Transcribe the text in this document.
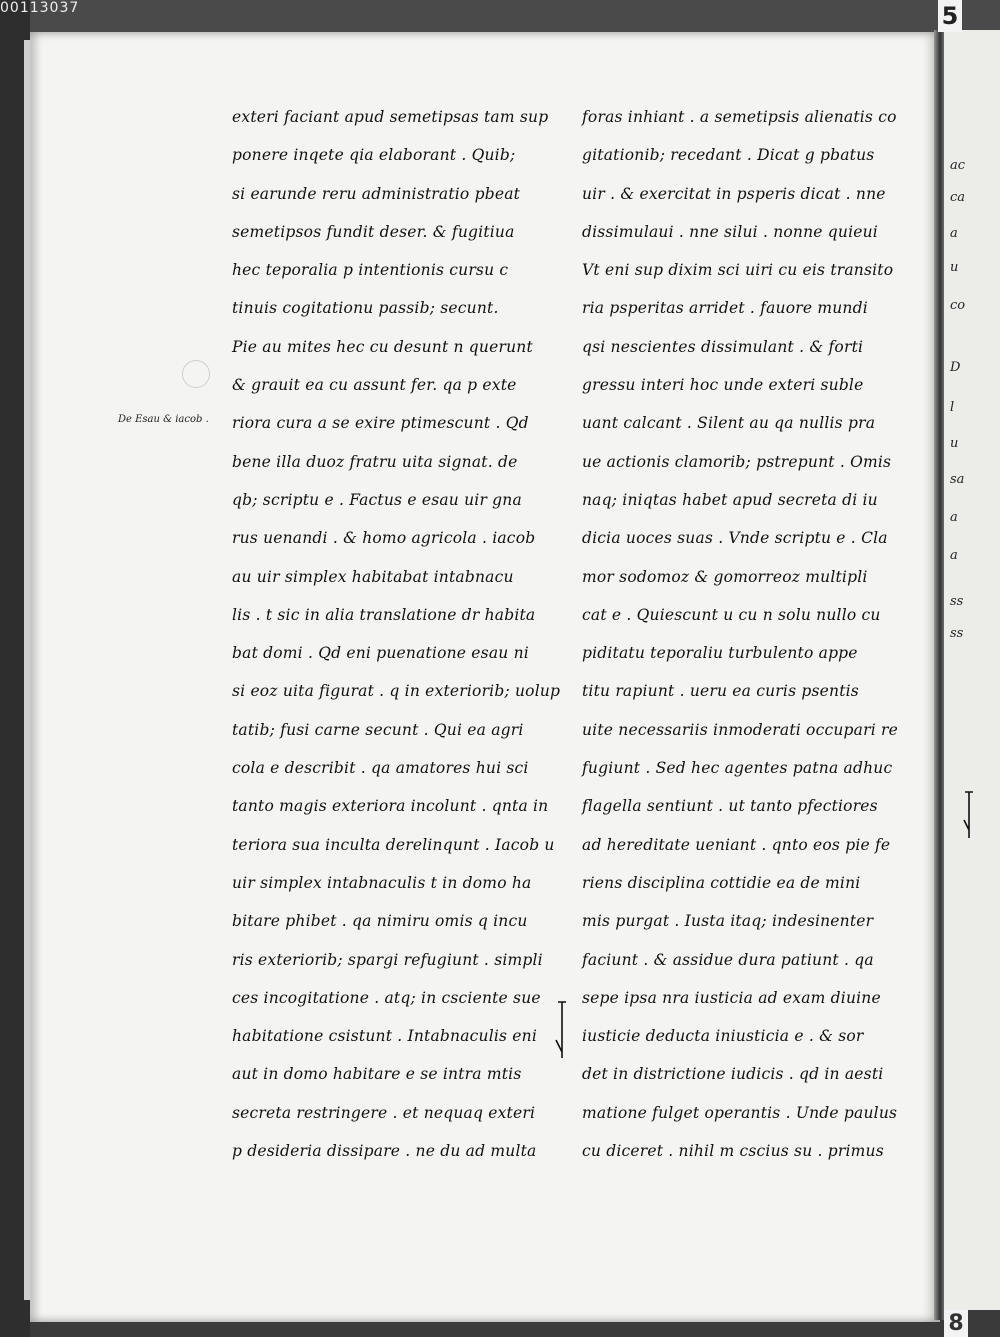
00113037
ac
ca
a
u
co
D
l
u
sa
a
a
ss
ss
5
8
De Esau & iacob .
exteri faciant apud semetipsas tam sup
ponere inqete qia elaborant . Quib;
si earunde reru administratio pbeat
semetipsos fundit deser. & fugitiua
hec teporalia p intentionis cursu c
tinuis cogitationu passib; secunt.
Pie au mites hec cu desunt n querunt
& grauit ea cu assunt fer. qa p exte
riora cura a se exire ptimescunt . Qd
bene illa duoz fratru uita signat. de
qb; scriptu e . Factus e esau uir gna
rus uenandi . & homo agricola . iacob
au uir simplex habitabat intabnacu
lis . t sic in alia translatione dr habita
bat domi . Qd eni puenatione esau ni
si eoz uita figurat . q in exteriorib; uolup
tatib; fusi carne secunt . Qui ea agri
cola e describit . qa amatores hui sci
tanto magis exteriora incolunt . qnta in
teriora sua inculta derelinqunt . Iacob u
uir simplex intabnaculis t in domo ha
bitare phibet . qa nimiru omis q incu
ris exteriorib; spargi refugiunt . simpli
ces incogitatione . atq; in csciente sue
habitatione csistunt . Intabnaculis eni
aut in domo habitare e se intra mtis
secreta restringere . et nequaq exteri
p desideria dissipare . ne du ad multa
foras inhiant . a semetipsis alienatis co
gitationib; recedant . Dicat g pbatus
uir . & exercitat in psperis dicat . nne
dissimulaui . nne silui . nonne quieui
Vt eni sup dixim sci uiri cu eis transito
ria psperitas arridet . fauore mundi
qsi nescientes dissimulant . & forti
gressu interi hoc unde exteri suble
uant calcant . Silent au qa nullis pra
ue actionis clamorib; pstrepunt . Omis
naq; iniqtas habet apud secreta di iu
dicia uoces suas . Vnde scriptu e . Cla
mor sodomoz & gomorreoz multipli
cat e . Quiescunt u cu n solu nullo cu
piditatu teporaliu turbulento appe
titu rapiunt . ueru ea curis psentis
uite necessariis inmoderati occupari re
fugiunt . Sed hec agentes patna adhuc
flagella sentiunt . ut tanto pfectiores
ad hereditate ueniant . qnto eos pie fe
riens disciplina cottidie ea de mini
mis purgat . Iusta itaq; indesinenter
faciunt . & assidue dura patiunt . qa
sepe ipsa nra iusticia ad exam diuine
iusticie deducta iniusticia e . & sor
det in districtione iudicis . qd in aesti
matione fulget operantis . Unde paulus
cu diceret . nihil m cscius su . primus
